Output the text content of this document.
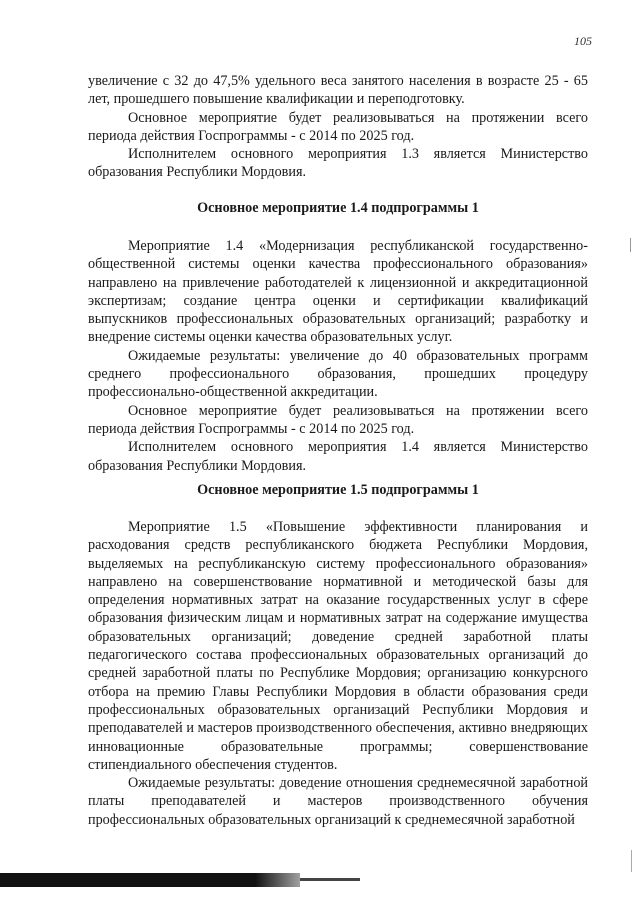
105

увеличение с 32 до 47,5% удельного веса занятого населения в возрасте 25 - 65 лет, прошедшего повышение квалификации и переподготовку.

Основное мероприятие будет реализовываться на протяжении всего периода действия Госпрограммы - с 2014 по 2025 год.

Исполнителем основного мероприятия 1.3 является Министерство образования Республики Мордовия.

Основное мероприятие 1.4 подпрограммы 1

Мероприятие 1.4 «Модернизация республиканской государственно-общественной системы оценки качества профессионального образования» направлено на привлечение работодателей к лицензионной и аккредитационной экспертизам; создание центра оценки и сертификации квалификаций выпускников профессиональных образовательных организаций; разработку и внедрение системы оценки качества образовательных услуг.

Ожидаемые результаты: увеличение до 40 образовательных программ среднего профессионального образования, прошедших процедуру профессионально-общественной аккредитации.

Основное мероприятие будет реализовываться на протяжении всего периода действия Госпрограммы - с 2014 по 2025 год.

Исполнителем основного мероприятия 1.4 является Министерство образования Республики Мордовия.

Основное мероприятие 1.5 подпрограммы 1

Мероприятие 1.5 «Повышение эффективности планирования и расходования средств республиканского бюджета Республики Мордовия, выделяемых на республиканскую систему профессионального образования» направлено на совершенствование нормативной и методической базы для определения нормативных затрат на оказание государственных услуг в сфере образования физическим лицам и нормативных затрат на содержание имущества образовательных организаций; доведение средней заработной платы педагогического состава профессиональных образовательных организаций до средней заработной платы по Республике Мордовия; организацию конкурсного отбора на премию Главы Республики Мордовия в области образования среди профессиональных образовательных организаций Республики Мордовия и преподавателей и мастеров производственного обеспечения, активно внедряющих инновационные образовательные программы; совершенствование стипендиального обеспечения студентов.

Ожидаемые результаты: доведение отношения среднемесячной заработной платы преподавателей и мастеров производственного обучения профессиональных образовательных организаций к среднемесячной заработной
